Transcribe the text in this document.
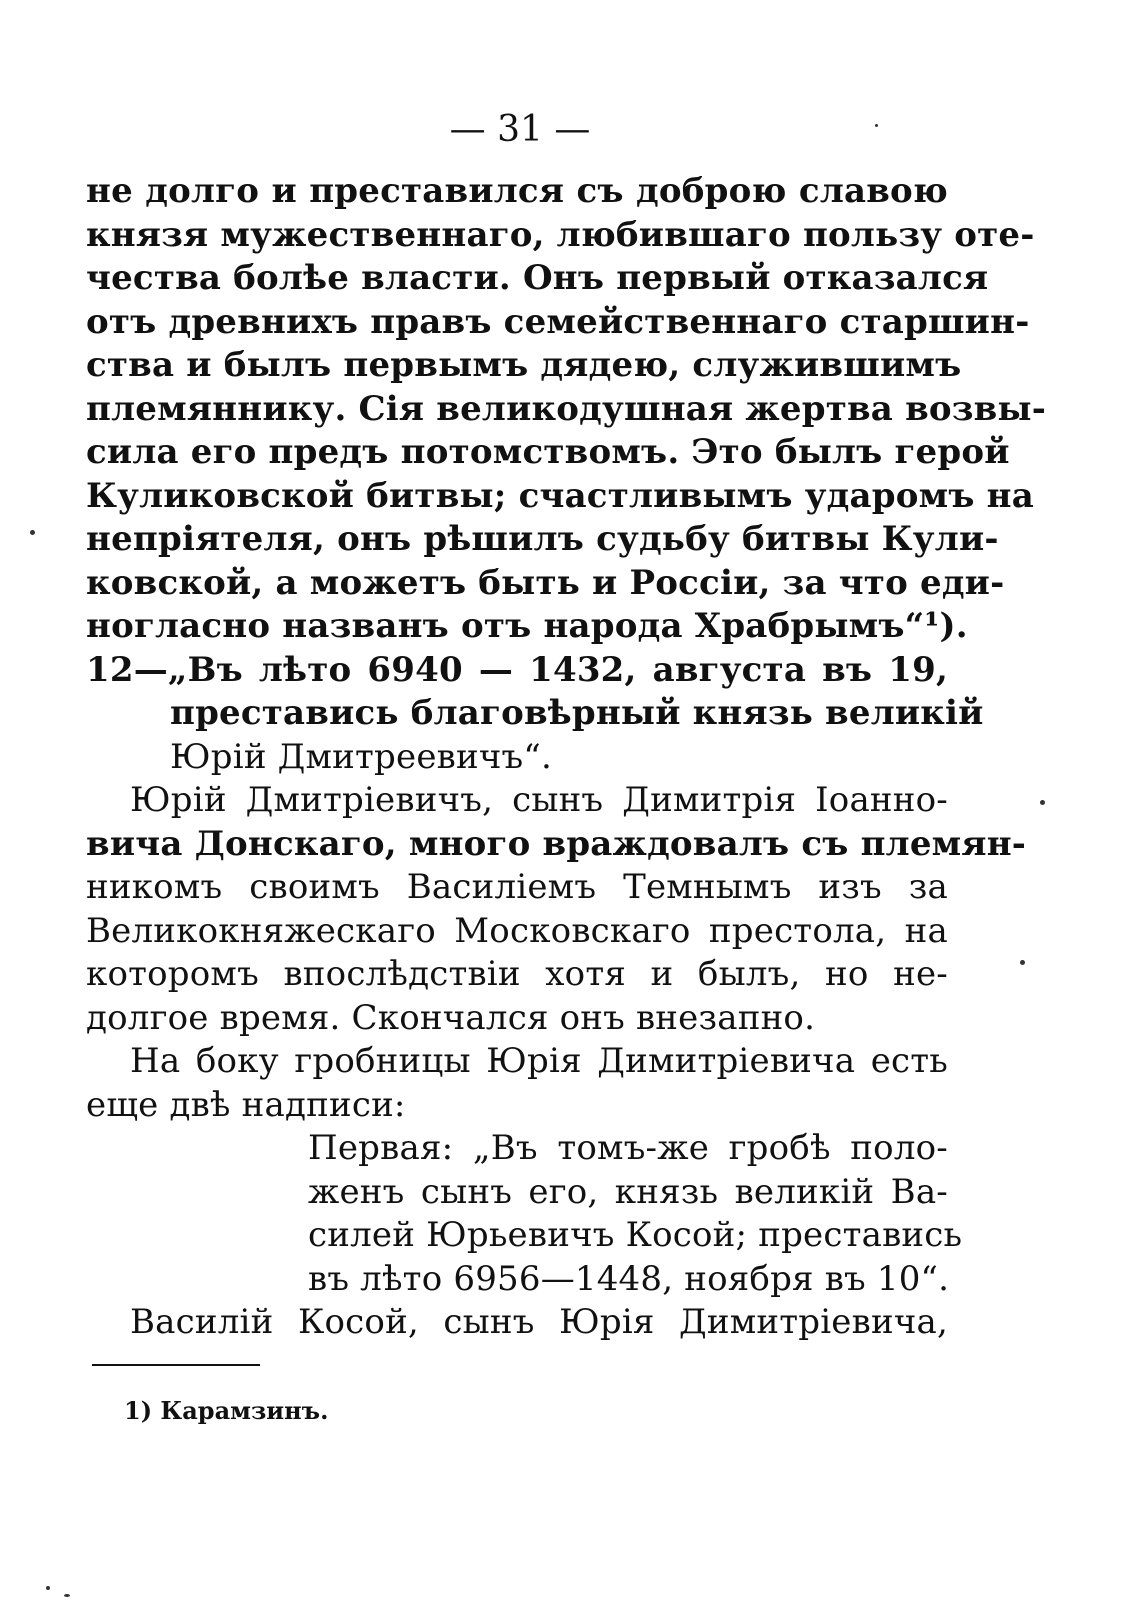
— 31 —
не долго и преставился съ доброю славою
князя мужественнаго, любившаго пользу оте-
чества болѣе власти. Онъ первый отказался
отъ древнихъ правъ семейственнаго старшин-
ства и былъ первымъ дядею, служившимъ
племяннику. Сія великодушная жертва возвы-
сила его предъ потомствомъ. Это былъ герой
Куликовской битвы; счастливымъ ударомъ на
непріятеля, онъ рѣшилъ судьбу битвы Кули-
ковской, а можетъ быть и Россіи, за что еди-
ногласно названъ отъ народа Храбрымъ“¹).
12—„Въ лѣто 6940 — 1432, августа въ 19,
преставись благовѣрный князь великій
Юрій Дмитреевичъ“.
Юрій Дмитріевичъ, сынъ Димитрія Іоанно-
вича Донскаго, много враждовалъ съ племян-
никомъ своимъ Василіемъ Темнымъ изъ за
Великокняжескаго Московскаго престола, на
которомъ впослѣдствіи хотя и былъ, но не-
долгое время. Скончался онъ внезапно.
На боку гробницы Юрія Димитріевича есть
еще двѣ надписи:
Первая: „Въ томъ-же гробѣ поло-
женъ сынъ его, князь великій Ва-
силей Юрьевичъ Косой; преставись
въ лѣто 6956—1448, ноября въ 10“.
Василій Косой, сынъ Юрія Димитріевича,
1) Карамзинъ.
